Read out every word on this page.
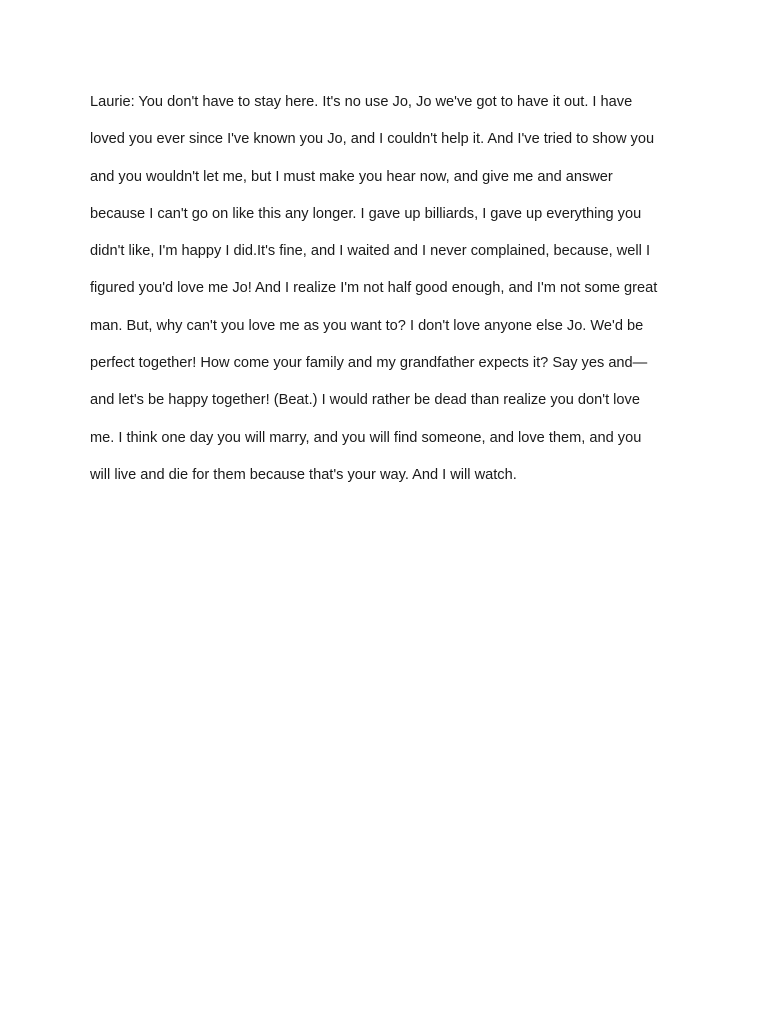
Laurie: You don't have to stay here. It's no use Jo, Jo we've got to have it out. I have
loved you ever since I've known you Jo, and I couldn't help it. And I've tried to show you
and you wouldn't let me, but I must make you hear now, and give me and answer
because I can't go on like this any longer. I gave up billiards, I gave up everything you
didn't like, I'm happy I did.It's fine, and I waited and I never complained, because, well I
figured you'd love me Jo! And I realize I'm not half good enough, and I'm not some great
man. But, why can't you love me as you want to? I don't love anyone else Jo. We'd be
perfect together! How come your family and my grandfather expects it? Say yes and—
and let's be happy together! (Beat.) I would rather be dead than realize you don't love
me. I think one day you will marry, and you will find someone, and love them, and you
will live and die for them because that's your way. And I will watch.
